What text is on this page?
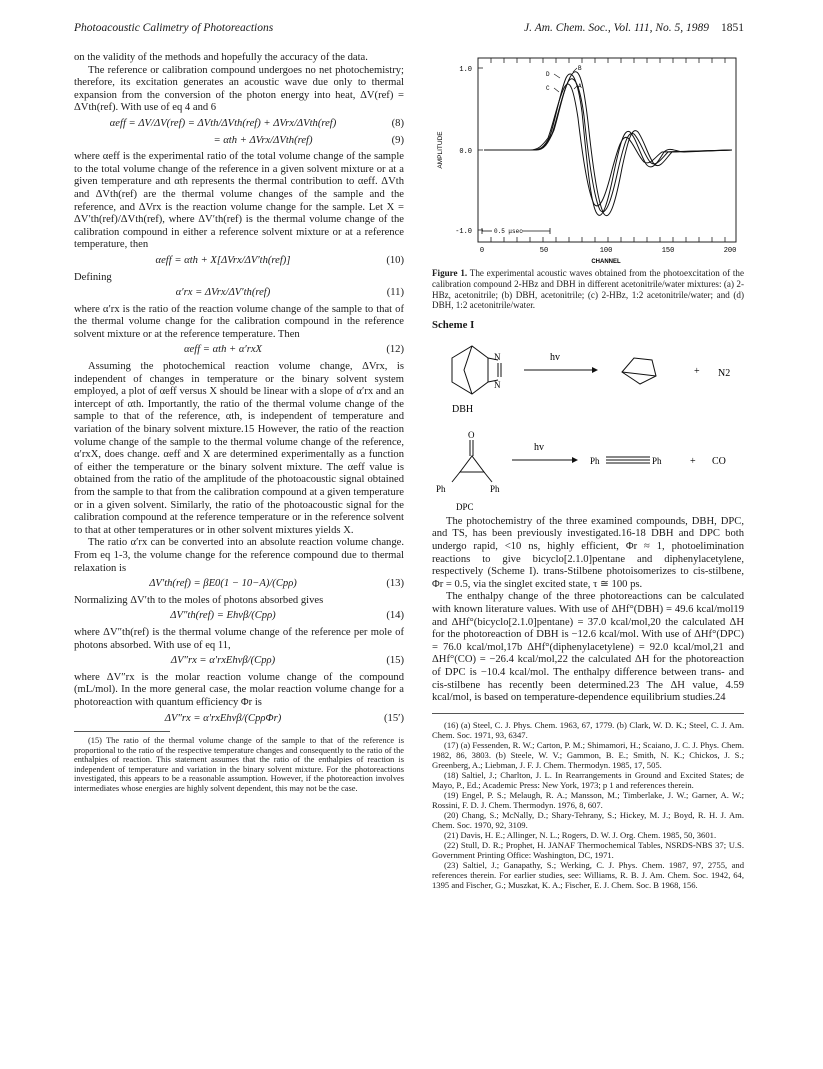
Photoacoustic Calimetry of Photoreactions	J. Am. Chem. Soc., Vol. 111, No. 5, 1989 1851

on the validity of the methods and hopefully the accuracy of the data.

The reference or calibration compound undergoes no net photochemistry; therefore, its excitation generates an acoustic wave due only to thermal expansion from the conversion of the photon energy into heat, ΔV(ref) = ΔVth(ref). With use of eq 4 and 6

αeff = ΔV/ΔV(ref) = ΔVth/ΔVth(ref) + ΔVrx/ΔVth(ref)	(8)
= αth + ΔVrx/ΔVth(ref)	(9)

where αeff is the experimental ratio of the total volume change of the sample to the total volume change of the reference in a given solvent mixture or at a given temperature and αth represents the thermal contribution to αeff. ΔVth and ΔVth(ref) are the thermal volume changes of the sample and the reference, and ΔVrx is the reaction volume change for the sample. Let X = ΔV′th(ref)/ΔVth(ref), where ΔV′th(ref) is the thermal volume change of the calibration compound in either a reference solvent mixture or at a reference temperature, then

αeff = αth + X[ΔVrx/ΔV′th(ref)]	(10)

Defining

α′rx = ΔVrx/ΔV′th(ref)	(11)

where α′rx is the ratio of the reaction volume change of the sample to that of the thermal volume change for the calibration compound in the reference solvent mixture or at the reference temperature. Then

αeff = αth + α′rxX	(12)

Assuming the photochemical reaction volume change, ΔVrx, is independent of changes in temperature or the binary solvent system employed, a plot of αeff versus X should be linear with a slope of α′rx and an intercept of αth. Importantly, the ratio of the thermal volume change of the sample to that of the reference, αth, is independent of temperature and variation of the binary solvent mixture.15 However, the ratio of the reaction volume change of the sample to the thermal volume change of the reference, α′rxX, does change. αeff and X are determined experimentally as a function of either the temperature or the binary solvent mixture. The αeff value is obtained from the ratio of the amplitude of the photoacoustic signal obtained from the sample to that from the calibration compound at a given temperature or in a given solvent. Similarly, the ratio of the photoacoustic signal for the calibration compound at the reference temperature or in the reference solvent to that at other temperatures or in other solvent mixtures yields X.

The ratio α′rx can be converted into an absolute reaction volume change. From eq 1-3, the volume change for the reference compound due to thermal relaxation is

ΔV′th(ref) = βE0(1 − 10−A)/(Cpρ)	(13)

Normalizing ΔV′th to the moles of photons absorbed gives

ΔV″th(ref) = Ehvβ/(Cpρ)	(14)

where ΔV″th(ref) is the thermal volume change of the reference per mole of photons absorbed. With use of eq 11,

ΔV″rx = α′rxEhvβ/(Cpρ)	(15)

where ΔV″rx is the molar reaction volume change of the compound (mL/mol). In the more general case, the molar reaction volume change for a photoreaction with quantum efficiency Φr is

ΔV″rx = α′rxEhvβ/(CpρΦr)	(15′)

(15) The ratio of the thermal volume change of the sample to that of the reference is proportional to the ratio of the respective temperature changes and consequently to the ratio of the enthalpies of reaction. This statement assumes that the ratio of the enthalpies of reaction is independent of temperature and variation in the binary solvent mixture. For the photoreactions investigated, this appears to be a reasonable assumption. However, if the photoreaction involves intermediates whose energies are highly solvent dependent, this may not be the case.

1.0
0.0
-1.0
AMPLITUDE
0	50	100	150	200
CHANNEL
D
B
C	A
0.5 μsec

Figure 1. The experimental acoustic waves obtained from the photoexcitation of the calibration compound 2-HBz and DBH in different acetonitrile/water mixtures: (a) 2-HBz, acetonitrile; (b) DBH, acetonitrile; (c) 2-HBz, 1:2 acetonitrile/water; and (d) DBH, 1:2 acetonitrile/water.

Scheme I
N
N
DBH
hv
+ N2
O
Ph	Ph
DPC
hv
Ph	Ph	+ CO

The photochemistry of the three examined compounds, DBH, DPC, and TS, has been previously investigated.16-18 DBH and DPC both undergo rapid, <10 ns, highly efficient, Φr ≈ 1, photoelimination reactions to give bicyclo[2.1.0]pentane and diphenylacetylene, respectively (Scheme I). trans-Stilbene photoisomerizes to cis-stilbene, Φr = 0.5, via the singlet excited state, τ ≅ 100 ps.

The enthalpy change of the three photoreactions can be calculated with known literature values. With use of ΔHf°(DBH) = 49.6 kcal/mol19 and ΔHf°(bicyclo[2.1.0]pentane) = 37.0 kcal/mol,20 the calculated ΔH for the photoreaction of DBH is −12.6 kcal/mol. With use of ΔHf°(DPC) = 76.0 kcal/mol,17b ΔHf°(diphenylacetylene) = 92.0 kcal/mol,21 and ΔHf°(CO) = −26.4 kcal/mol,22 the calculated ΔH for the photoreaction of DPC is −10.4 kcal/mol. The enthalpy difference between trans- and cis-stilbene has recently been determined.23 The ΔH value, 4.59 kcal/mol, is based on temperature-dependence equilibrium studies.24

(16) (a) Steel, C. J. Phys. Chem. 1963, 67, 1779. (b) Clark, W. D. K.; Steel, C. J. Am. Chem. Soc. 1971, 93, 6347.

(17) (a) Fessenden, R. W.; Carton, P. M.; Shimamori, H.; Scaiano, J. C. J. Phys. Chem. 1982, 86, 3803. (b) Steele, W. V.; Gammon, B. E.; Smith, N. K.; Chickos, J. S.; Greenberg, A.; Liebman, J. F. J. Chem. Thermodyn. 1985, 17, 505.

(18) Saltiel, J.; Charlton, J. L. In Rearrangements in Ground and Excited States; de Mayo, P., Ed.; Academic Press: New York, 1973; p 1 and references therein.

(19) Engel, P. S.; Melaugh, R. A.; Mansson, M.; Timberlake, J. W.; Garner, A. W.; Rossini, F. D. J. Chem. Thermodyn. 1976, 8, 607.

(20) Chang, S.; McNally, D.; Shary-Tehrany, S.; Hickey, M. J.; Boyd, R. H. J. Am. Chem. Soc. 1970, 92, 3109.

(21) Davis, H. E.; Allinger, N. L.; Rogers, D. W. J. Org. Chem. 1985, 50, 3601.

(22) Stull, D. R.; Prophet, H. JANAF Thermochemical Tables, NSRDS-NBS 37; U.S. Government Printing Office: Washington, DC, 1971.

(23) Saltiel, J.; Ganapathy, S.; Werking, C. J. Phys. Chem. 1987, 97, 2755, and references therein. For earlier studies, see: Williams, R. B. J. Am. Chem. Soc. 1942, 64, 1395 and Fischer, G.; Muszkat, K. A.; Fischer, E. J. Chem. Soc. B 1968, 156.
